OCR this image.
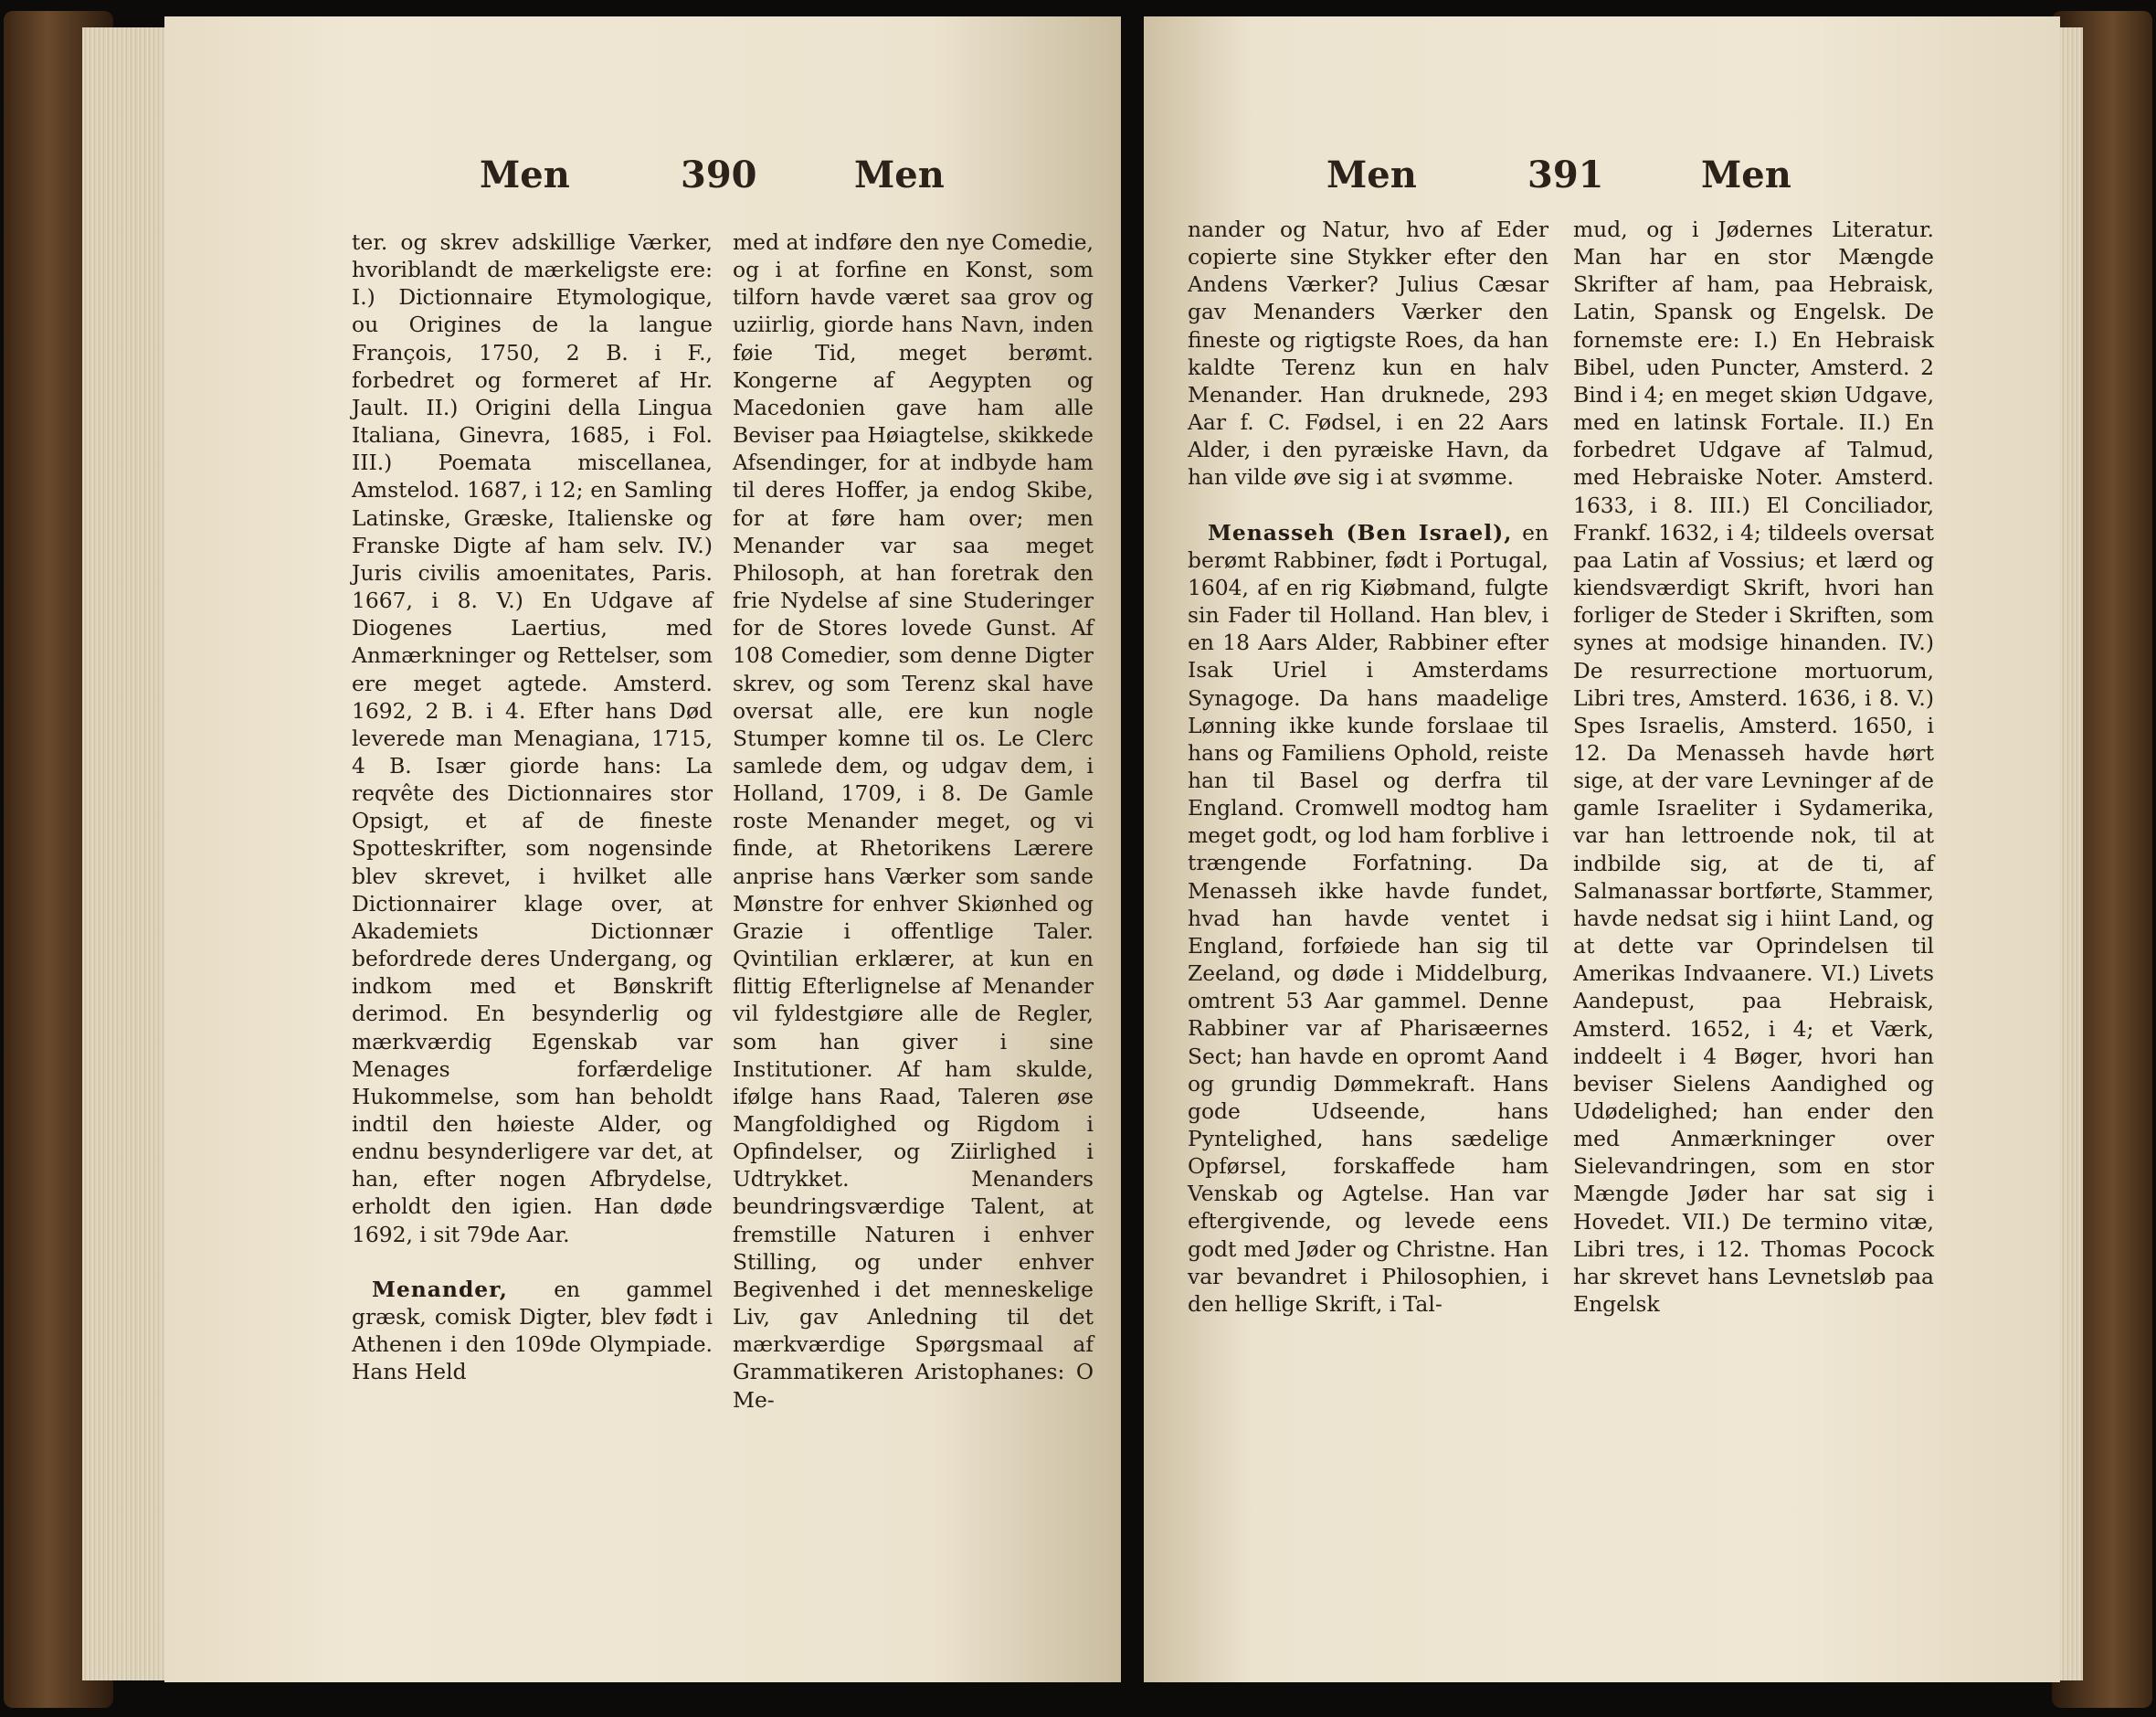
Men	390	Men

ter. og skrev adskillige Værker, hvoriblandt de mærkeligste ere: I.) Dictionnaire Etymologique, ou Origines de la langue François, 1750, 2 B. i F., forbedret og formeret af Hr. Jault. II.) Origini della Lingua Italiana, Ginevra, 1685, i Fol. III.) Poemata miscellanea, Amstelod. 1687, i 12; en Samling Latinske, Græske, Italienske og Franske Digte af ham selv. IV.) Juris civilis amoenitates, Paris. 1667, i 8. V.) En Udgave af Diogenes Laertius, med Anmærkninger og Rettelser, som ere meget agtede. Amsterd. 1692, 2 B. i 4. Efter hans Død leverede man Menagiana, 1715, 4 B. Især giorde hans: La reqvête des Dictionnaires stor Opsigt, et af de fineste Spotteskrifter, som nogensinde blev skrevet, i hvilket alle Dictionnairer klage over, at Akademiets Dictionnær befordrede deres Undergang, og indkom med et Bønskrift derimod. En besynderlig og mærkværdig Egenskab var Menages forfærdelige Hukommelse, som han beholdt indtil den høieste Alder, og endnu besynderligere var det, at han, efter nogen Afbrydelse, erholdt den igien. Han døde 1692, i sit 79de Aar.

Menander, en gammel græsk, comisk Digter, blev født i Athenen i den 109de Olympiade. Hans Held

med at indføre den nye Comedie, og i at forfine en Konst, som tilforn havde været saa grov og uziirlig, giorde hans Navn, inden føie Tid, meget berømt. Kongerne af Aegypten og Macedonien gave ham alle Beviser paa Høiagtelse, skikkede Afsendinger, for at indbyde ham til deres Hoffer, ja endog Skibe, for at føre ham over; men Menander var saa meget Philosoph, at han foretrak den frie Nydelse af sine Studeringer for de Stores lovede Gunst. Af 108 Comedier, som denne Digter skrev, og som Terenz skal have oversat alle, ere kun nogle Stumper komne til os. Le Clerc samlede dem, og udgav dem, i Holland, 1709, i 8. De Gamle roste Menander meget, og vi finde, at Rhetorikens Lærere anprise hans Værker som sande Mønstre for enhver Skiønhed og Grazie i offentlige Taler. Qvintilian erklærer, at kun en flittig Efterlignelse af Menander vil fyldestgiøre alle de Regler, som han giver i sine Institutioner. Af ham skulde, ifølge hans Raad, Taleren øse Mangfoldighed og Rigdom i Opfindelser, og Ziirlighed i Udtrykket. Menanders beundringsværdige Talent, at fremstille Naturen i enhver Stilling, og under enhver Begivenhed i det menneskelige Liv, gav Anledning til det mærkværdige Spørgsmaal af Grammatikeren Aristophanes: O Me-

Men	391	Men

nander og Natur, hvo af Eder copierte sine Stykker efter den Andens Værker? Julius Cæsar gav Menanders Værker den fineste og rigtigste Roes, da han kaldte Terenz kun en halv Menander. Han druknede, 293 Aar f. C. Fødsel, i en 22 Aars Alder, i den pyræiske Havn, da han vilde øve sig i at svømme.

Menasseh (Ben Israel), en berømt Rabbiner, født i Portugal, 1604, af en rig Kiøbmand, fulgte sin Fader til Holland. Han blev, i en 18 Aars Alder, Rabbiner efter Isak Uriel i Amsterdams Synagoge. Da hans maadelige Lønning ikke kunde forslaae til hans og Familiens Ophold, reiste han til Basel og derfra til England. Cromwell modtog ham meget godt, og lod ham forblive i trængende Forfatning. Da Menasseh ikke havde fundet, hvad han havde ventet i England, forføiede han sig til Zeeland, og døde i Middelburg, omtrent 53 Aar gammel. Denne Rabbiner var af Pharisæernes Sect; han havde en opromt Aand og grundig Dømmekraft. Hans gode Udseende, hans Pyntelighed, hans sædelige Opførsel, forskaffede ham Venskab og Agtelse. Han var eftergivende, og levede eens godt med Jøder og Christne. Han var bevandret i Philosophien, i den hellige Skrift, i Tal-

mud, og i Jødernes Literatur. Man har en stor Mængde Skrifter af ham, paa Hebraisk, Latin, Spansk og Engelsk. De fornemste ere: I.) En Hebraisk Bibel, uden Puncter, Amsterd. 2 Bind i 4; en meget skiøn Udgave, med en latinsk Fortale. II.) En forbedret Udgave af Talmud, med Hebraiske Noter. Amsterd. 1633, i 8. III.) El Conciliador, Frankf. 1632, i 4; tildeels oversat paa Latin af Vossius; et lærd og kiendsværdigt Skrift, hvori han forliger de Steder i Skriften, som synes at modsige hinanden. IV.) De resurrectione mortuorum, Libri tres, Amsterd. 1636, i 8. V.) Spes Israelis, Amsterd. 1650, i 12. Da Menasseh havde hørt sige, at der vare Levninger af de gamle Israeliter i Sydamerika, var han lettroende nok, til at indbilde sig, at de ti, af Salmanassar bortførte, Stammer, havde nedsat sig i hiint Land, og at dette var Oprindelsen til Amerikas Indvaanere. VI.) Livets Aandepust, paa Hebraisk, Amsterd. 1652, i 4; et Værk, inddeelt i 4 Bøger, hvori han beviser Sielens Aandighed og Udødelighed; han ender den med Anmærkninger over Sielevandringen, som en stor Mængde Jøder har sat sig i Hovedet. VII.) De termino vitæ, Libri tres, i 12. Thomas Pocock har skrevet hans Levnetsløb paa Engelsk
